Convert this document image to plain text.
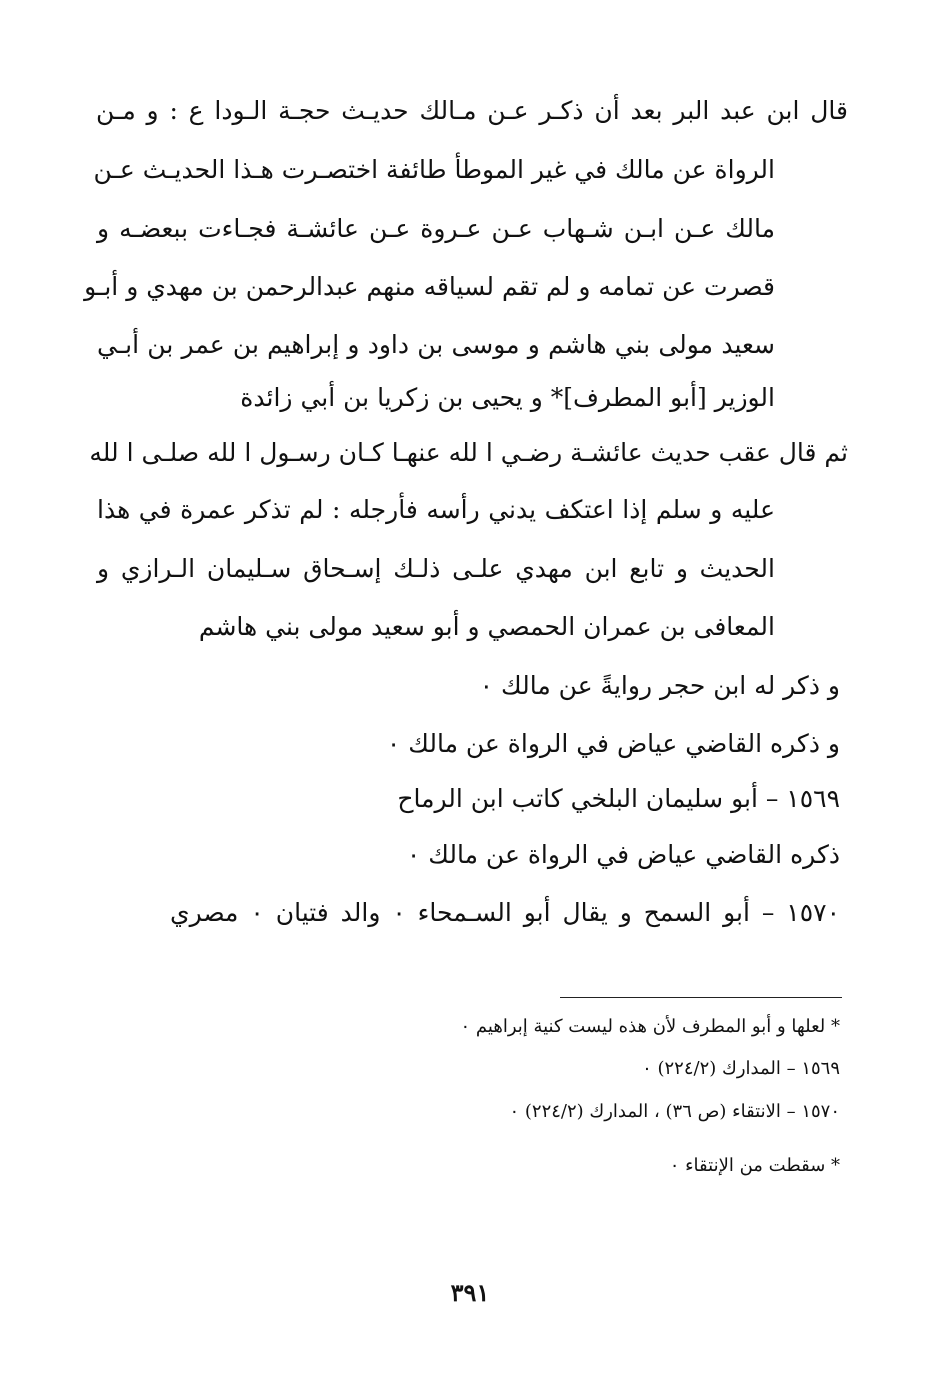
قال ابن عبد البر بعد أن ذكـر عـن مـالك حديـث حجـة الـودا ع : و مـن
الرواة عن مالك في غير الموطأ طائفة اختصـرت هـذا الحديـث عـن
مالك عـن ابـن شـهاب عـن عـروة عـن عائشـة فجـاءت ببعضـه و
قصرت عن تمامه و لم تقم لسياقه منهم عبدالرحمن بن مهدي و أبـو
سعيد مولى بني هاشم و موسى بن داود و إبراهيم بن عمر بن أبـي
الوزير [أبو المطرف]* و يحيى بن زكريا بن أبي زائدة
ثم قال عقب حديث عائشـة رضـي ا لله عنهـا كـان رسـول ا لله صلـى ا لله
عليه و سلم إذا اعتكف يدني رأسه فأرجله : لم تذكر عمرة في هذا
الحديث و تابع ابن مهدي علـى ذلـك إسـحاق سـليمان الـرازي و
المعافى بن عمران الحمصي و أبو سعيد مولى بني هاشم
و ذكر له ابن حجر روايةً عن مالك ٠
و ذكره القاضي عياض في الرواة عن مالك ٠
١٥٦٩ – أبو سليمان البلخي كاتب ابن الرماح
ذكره القاضي عياض في الرواة عن مالك ٠
١٥٧٠ – أبو السمح و يقال أبو السـمحاء ٠ والد فتيان ٠ مصري
* لعلها و أبو المطرف لأن هذه ليست كنية إبراهيم ٠
١٥٦٩ – المدارك (٢٢٤/٢) ٠
١٥٧٠ – الانتقاء (ص ٣٦) ، المدارك (٢٢٤/٢) ٠
* سقطت من الإنتقاء ٠
٣٩١
